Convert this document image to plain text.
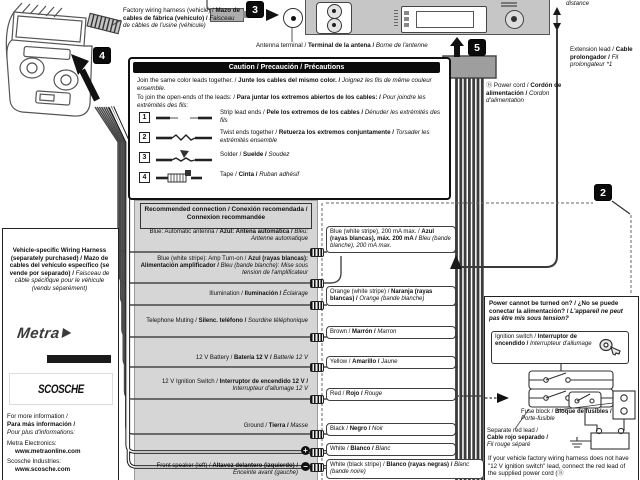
3
4
5
2
Factory wiring harness (vehicle) / Mazo de cables de fábrica (vehículo) / Faisceau de câbles de l'usine (véhicule)
Antenna terminal / Terminal de la antena / Borne de l'antenne
distance
Extension lead / Cable prolongador / Fil prolongateur *1
Ⓑ Power cord / Cordón de alimentación / Cordon d'alimentation
Caution / Precaución / Précautions
Join the same color leads together. / Junte los cables del mismo color. / Joignez les fils de même couleur ensemble.
To join the open-ends of the leads: / Para juntar los extremos abiertos de los cables: / Pour joindre les extrémités des fils:
1
Strip lead ends / Pele los extremos de los cables / Dénuder les extrémités des fils
2
Twist ends together / Retuerza los extremos conjuntamente / Torsader les extrémités ensemble
3	Solder / Suelde / Soudez
4	Tape / Cinta / Ruban adhésif
Vehicle-specific Wiring Harness (separately purchased) / Mazo de cables del vehículo específico (se vende por separado) / Faisceau de câble spécifique pour le véhicule (vendu séparément)
Metra
SCOSCHE
For more information /
Para más información /
Pour plus d'informations:
Metra Electronics:
www.metraonline.com
Scosche Industries:
www.scosche.com
Recommended connection / Conexión recomendada / Connexion recommandée
Blue: Automatic antenna / Azul: Antena automática / Bleu: Antenne automatique
Blue (white stripe): Amp Turn-on / Azul (rayas blancas): Alimentación amplificador / Bleu (bande blanche): Mise sous tension de l'amplificateur
Illumination / Iluminación / Éclairage
Telephone Muting / Silenc. teléfono / Sourdine téléphonique
12 V Battery / Batería 12 V / Batterie 12 V
12 V Ignition Switch / Interruptor de encendido 12 V / Interrupteur d'allumage 12 V
Ground / Tierra / Masse
Front speaker (left) / Altavoz delantero (izquierdo) / Enceinte avant (gauche)
+
−
Blue (white stripe), 200 mA max. / Azul (rayas blancas), máx. 200 mA / Bleu (bande blanche), 200 mA max.
Orange (white stripe) / Naranja (rayas blancas) / Orange (bande blanche)
Brown / Marrón / Marron
Yellow / Amarillo / Jaune
Red / Rojo / Rouge
Black / Negro / Noir
White / Blanco / Blanc
White (black stripe) / Blanco (rayas negras) / Blanc (bande noire)
Power cannot be turned on? / ¿No se puede conectar la alimentación? / L'appareil ne peut pas être mis sous tension?
Ignition switch / Interruptor de encendido / Interrupteur d'allumage
Fuse block / Bloque de fusibles / Porte-fusible
Separate red lead / Cable rojo separado / Fil rouge séparé
If your vehicle factory wiring harness does not have "12 V ignition switch" lead, connect the red lead of the supplied power cord (Ⓑ
